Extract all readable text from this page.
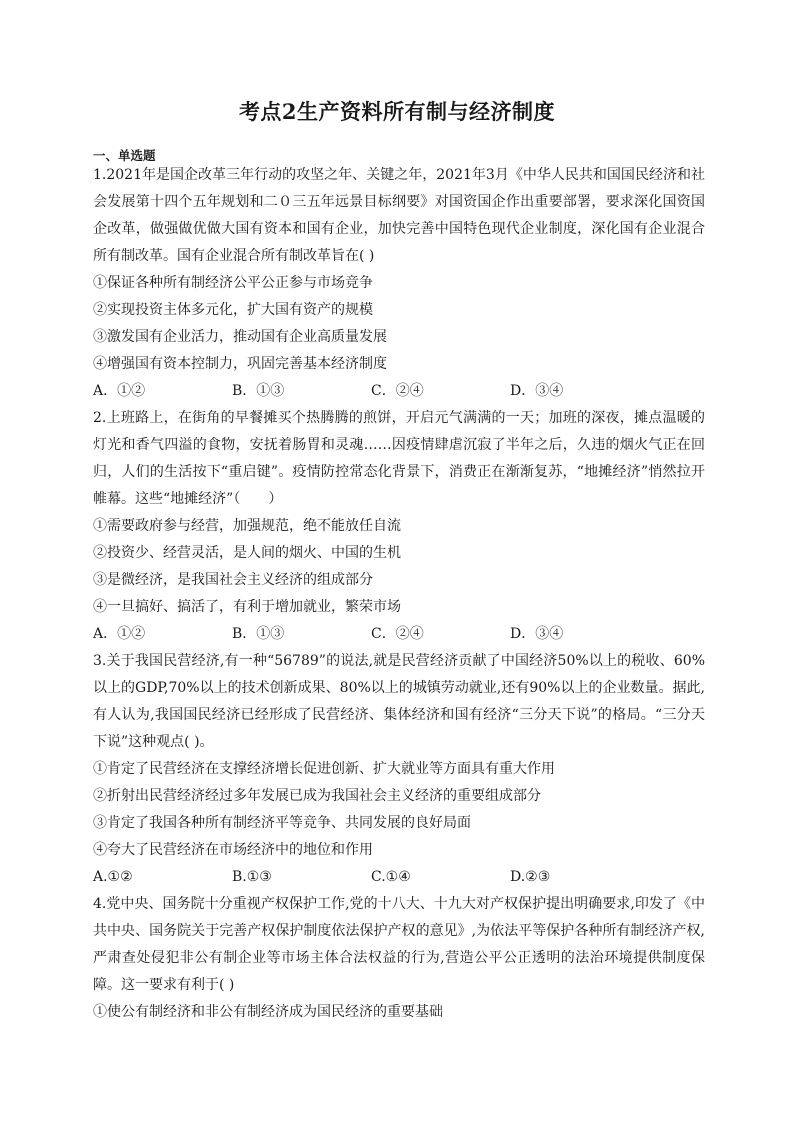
考点2生产资料所有制与经济制度
一、单选题
1.2021年是国企改革三年行动的攻坚之年、关键之年，2021年3月《中华人民共和国国民经济和社会发展第十四个五年规划和二０三五年远景目标纲要》对国资国企作出重要部署，要求深化国资国企改革，做强做优做大国有资本和国有企业，加快完善中国特色现代企业制度，深化国有企业混合所有制改革。国有企业混合所有制改革旨在( )
①保证各种所有制经济公平公正参与市场竞争
②实现投资主体多元化，扩大国有资产的规模
③激发国有企业活力，推动国有企业高质量发展
④增强国有资本控制力，巩固完善基本经济制度
A．①②	B．①③	C．②④	D．③④
2.上班路上，在街角的早餐摊买个热腾腾的煎饼，开启元气满满的一天；加班的深夜，摊点温暖的灯光和香气四溢的食物，安抚着肠胃和灵魂……因疫情肆虐沉寂了半年之后，久违的烟火气正在回归，人们的生活按下“重启键”。疫情防控常态化背景下，消费正在渐渐复苏，“地摊经济”悄然拉开帷幕。这些“地摊经济”（　　）
①需要政府参与经营，加强规范，绝不能放任自流
②投资少、经营灵活，是人间的烟火、中国的生机
③是微经济，是我国社会主义经济的组成部分
④一旦搞好、搞活了，有利于增加就业，繁荣市场
A．①②	B．①③	C．②④	D．③④
3.关于我国民营经济,有一种“56789”的说法,就是民营经济贡献了中国经济50%以上的税收、60%以上的GDP,70%以上的技术创新成果、80%以上的城镇劳动就业,还有90%以上的企业数量。据此,有人认为,我国国民经济已经形成了民营经济、集体经济和国有经济“三分天下说”的格局。“三分天下说”这种观点( )。
①肯定了民营经济在支撑经济增长促进创新、扩大就业等方面具有重大作用
②折射出民营经济经过多年发展已成为我国社会主义经济的重要组成部分
③肯定了我国各种所有制经济平等竞争、共同发展的良好局面
④夸大了民营经济在市场经济中的地位和作用
A.①②	B.①③	C.①④	D.②③
4.党中央、国务院十分重视产权保护工作,党的十八大、十九大对产权保护提出明确要求,印发了《中共中央、国务院关于完善产权保护制度依法保护产权的意见》,为依法平等保护各种所有制经济产权,严肃查处侵犯非公有制企业等市场主体合法权益的行为,营造公平公正透明的法治环境提供制度保障。这一要求有利于( )
①使公有制经济和非公有制经济成为国民经济的重要基础
